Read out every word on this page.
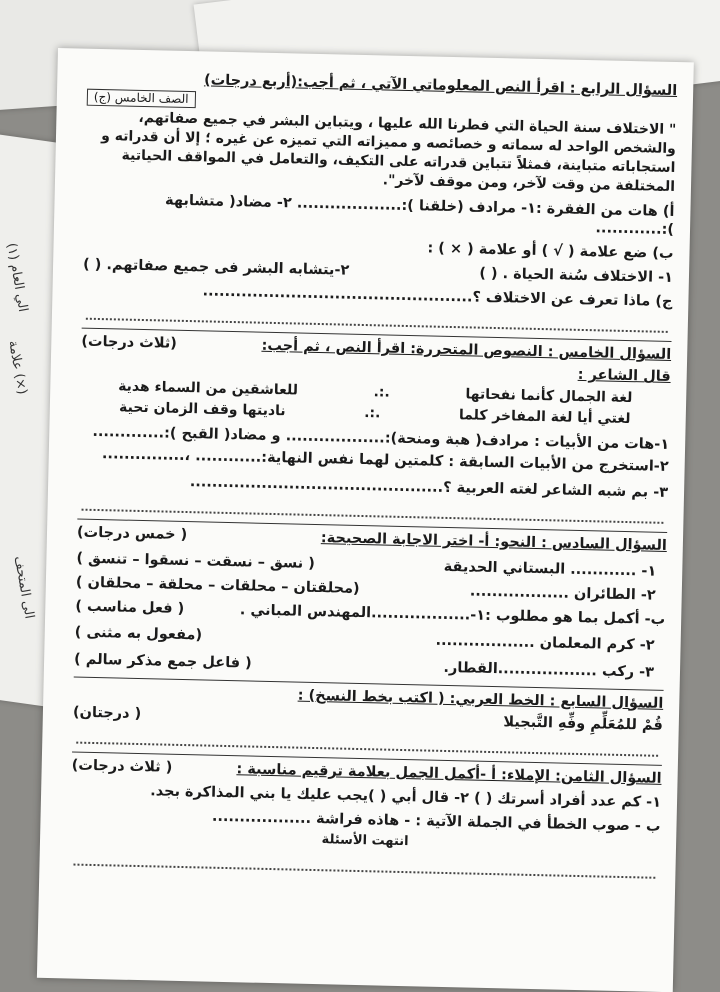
الي العام (١)
علامة (×)
الى المتحف
السؤال الرابع : اقرأ النص المعلوماتي الآتي ، ثم أجب:(أربع درجات)
الصف الخامس (ج)
" الاختلاف سنة الحياة التي فطرنا الله عليها ، ويتباين البشر في جميع صفاتهم، والشخص الواحد له سماته و خصائصه و مميزاته التي تميزه عن غيره ؛ إلا أن قدراته و استجاباته متباينة، فمثلاً تتباين قدراته على التكيف، والتعامل في المواقف الحياتية المختلفة من وقت لآخر، ومن موقف لآخر".
أ) هات من الفقرة :١- مرادف (خلقنا ):................... ٢- مضاد( متشابهة ):............
ب) ضع علامة ( √ ) أو علامة ( × ) :
١- الاختلاف سُنة الحياة . ( )
٢-يتشابه البشر فى جميع صفاتهم. ( )
ج) ماذا تعرف عن الاختلاف ؟.................................................
السؤال الخامس : النصوص المتحررة: اقرأ النص ، ثم أجب:
(ثلاث درجات)
قال الشاعر :
لغة الجمال كأنما نفحاتها
.:.
للعاشقين من السماء هدية
لغتي أيا لغة المفاخر كلما
.:.
ناديتها وقف الزمان تحية
١-هات من الأبيات : مرادف( هبة ومنحة):.................. و مضاد( القبح ):.............
٢-استخرج من الأبيات السابقة : كلمتين لهما نفس النهاية:............ ،...............
٣- بم شبه الشاعر لغته العربية ؟..............................................
السؤال السادس : النحو: أ- اختر الاجابة الصحيحة:
( خمس درجات)
١- ............ البستاني الحديقة
( نسق – نسقت – نسقوا – تنسق )
٢- الطائران ..................
(محلقتان – محلقات – محلقة – محلقان )
ب- أكمل بما هو مطلوب :١-..................المهندس المباني .
( فعل مناسب )
٢- كرم المعلمان ..................
(مفعول به مثنى )
٣- ركب ..................القطار.
( فاعل جمع مذكر سالم )
السؤال السابع : الخط العربي: ( اكتب بخط النسخ) :
قُمْ للمُعَلِّمِ وفِّهِ التَّبجيلا
( درجتان)
السؤال الثامن: الإملاء: أ -أكمل الجمل بعلامة ترقيم مناسبة :
( ثلاث درجات)
١- كم عدد أفراد أسرتك ( ) ٢- قال أبي ( )يجب عليك يا بني المذاكرة بجد.
ب - صوب الخطأ في الجملة الآتية : - هاذه فراشة ..................
انتهت الأسئلة
